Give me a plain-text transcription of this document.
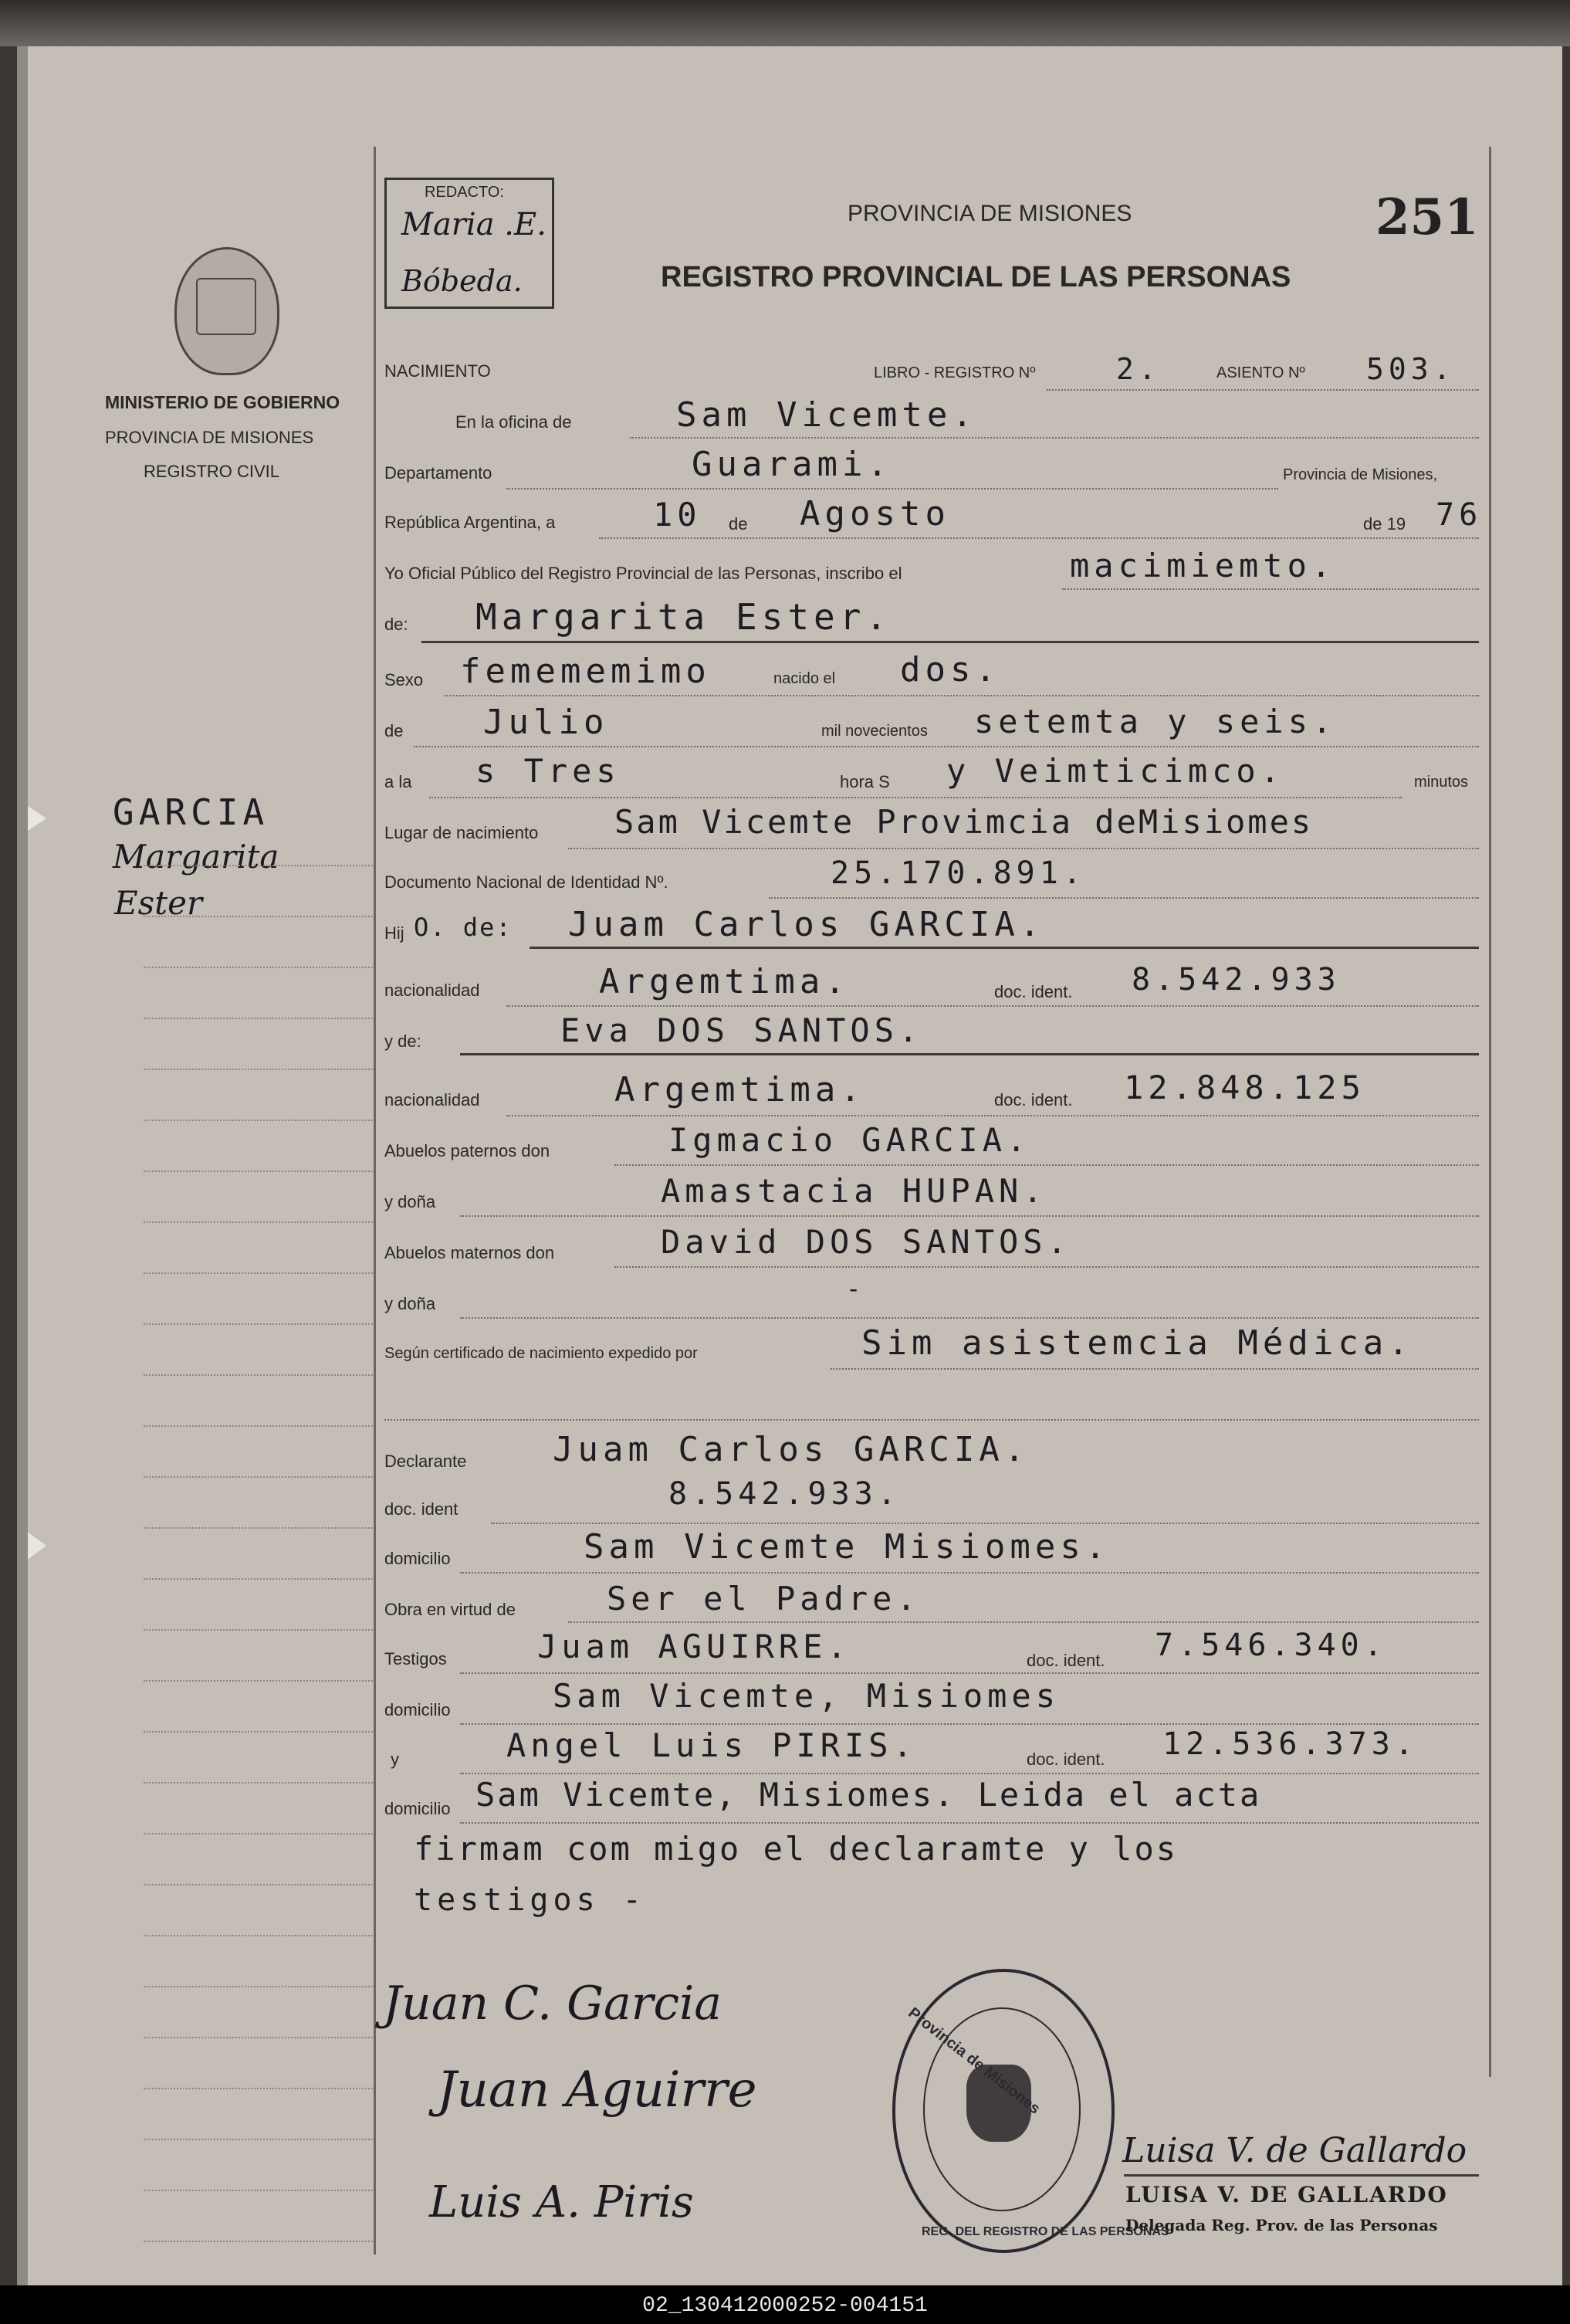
MINISTERIO DE GOBIERNO
PROVINCIA DE MISIONES
REGISTRO CIVIL
GARCIA
Margarita
Ester
REDACTO:
Maria .E.
Bóbeda.
PROVINCIA DE MISIONES	251
REGISTRO PROVINCIAL DE LAS PERSONAS
NACIMIENTO	LIBRO - REGISTRO Nº	2.	ASIENTO Nº 503.
En la oficina de	Sam Vicemte.
Departamento	Guarami.	Provincia de Misiones,
República Argentina, a	10 de Agosto	de 19 76
Yo Oficial Público del Registro Provincial de las Personas, inscribo el	macimiemto.
de: Margarita Ester.
Sexo femememimo	nacido el dos.
de Julio	mil novecientos setemta y seis.
a la s Tres	hora S y Veimticimco.	minutos
Lugar de nacimiento Sam Vicemte Provimcia deMisiomes
Documento Nacional de Identidad Nº.	25.170.891.
Hij O. de: Juam Carlos GARCIA.
nacionalidad	Argemtima.	doc. ident. 8.542.933
y de:	Eva DOS SANTOS.
nacionalidad	Argemtima.	doc. ident. 12.848.125
Abuelos paternos don	Igmacio GARCIA.
y doña	Amastacia HUPAN.
Abuelos maternos don	David DOS SANTOS.
y doña
-
Según certificado de nacimiento expedido por	Sim asistemcia Médica.
Declarante	Juam Carlos GARCIA.
doc. ident	8.542.933.
domicilio	Sam Vicemte Misiomes.
Obra en virtud de	Ser el Padre.
Testigos	Juam AGUIRRE.	doc. ident. 7.546.340.
domicilio	Sam Vicemte, Misiomes
y	Angel Luis PIRIS.	doc. ident. 12.536.373.
domicilio Sam Vicemte, Misiomes. Leida el acta
firmam com migo el declaramte y los
testigos -
Juan C. Garcia
Juan Aguirre
Luis A. Piris
Provincia de Misiones
REG. DEL REGISTRO DE LAS PERSONAS
Luisa V. de Gallardo
LUISA V. DE GALLARDO
Delegada Reg. Prov. de las Personas
02_130412000252-004151
